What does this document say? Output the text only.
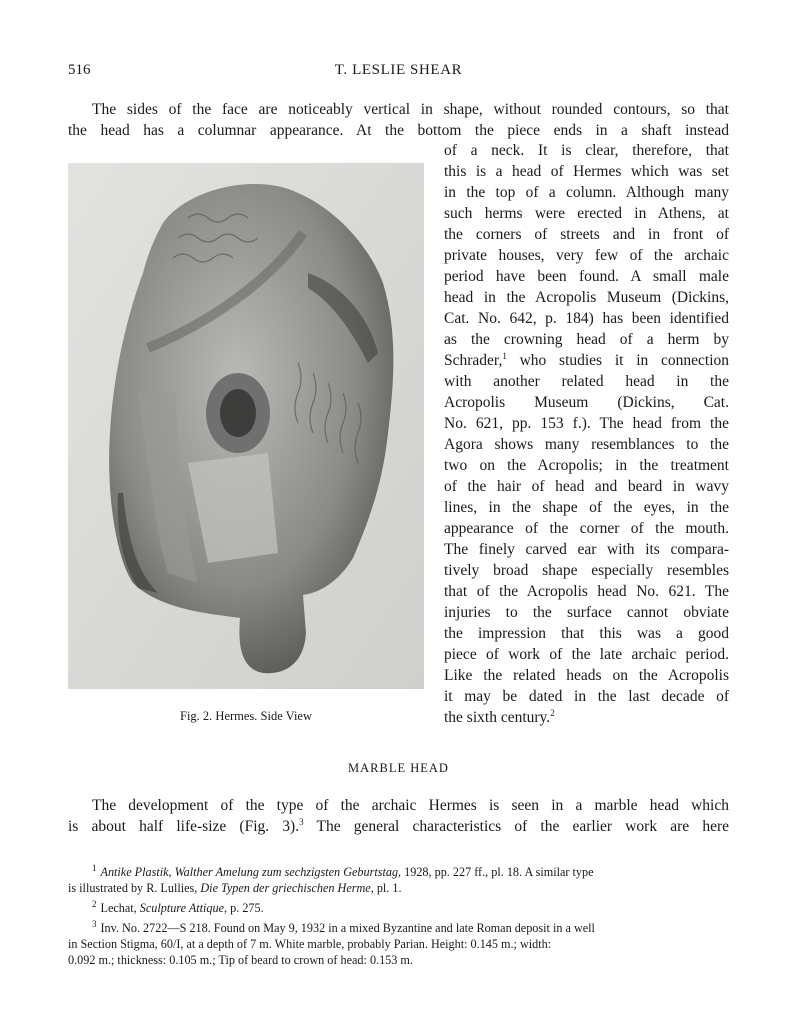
516	T. LESLIE SHEAR
The sides of the face are noticeably vertical in shape, without rounded contours, so that
the head has a columnar appearance. At the bottom the piece ends in a shaft instead
Fig. 2. Hermes. Side View
of a neck. It is clear, therefore, that
this is a head of Hermes which was set
in the top of a column. Although many
such herms were erected in Athens, at
the corners of streets and in front of
private houses, very few of the archaic
period have been found. A small male
head in the Acropolis Museum (Dickins,
Cat. No. 642, p. 184) has been identified
as the crowning head of a herm by
Schrader,$^1$ who studies it in connection
with another related head in the
Acropolis Museum (Dickins, Cat.
No. 621, pp. 153 f.). The head from the
Agora shows many resemblances to the
two on the Acropolis; in the treatment
of the hair of head and beard in wavy
lines, in the shape of the eyes, in the
appearance of the corner of the mouth.
The finely carved ear with its compara-
tively broad shape especially resembles
that of the Acropolis head No. 621. The
injuries to the surface cannot obviate
the impression that this was a good
piece of work of the late archaic period.
Like the related heads on the Acropolis
it may be dated in the last decade of
the sixth century.$^2$
MARBLE HEAD
The development of the type of the archaic Hermes is seen in a marble head which
is about half life-size (Fig. 3).$^3$ The general characteristics of the earlier work are here
$^1$ Antike Plastik, Walther Amelung zum sechzigsten Geburtstag, 1928, pp. 227 ff., pl. 18. A similar type
is illustrated by R. Lullies, Die Typen der griechischen Herme, pl. 1.
$^2$ Lechat, Sculpture Attique, p. 275.
$^3$ Inv. No. 2722—S 218. Found on May 9, 1932 in a mixed Byzantine and late Roman deposit in a well
in Section Stigma, 60/I, at a depth of 7 m. White marble, probably Parian. Height: 0.145 m.; width:
0.092 m.; thickness: 0.105 m.; Tip of beard to crown of head: 0.153 m.
